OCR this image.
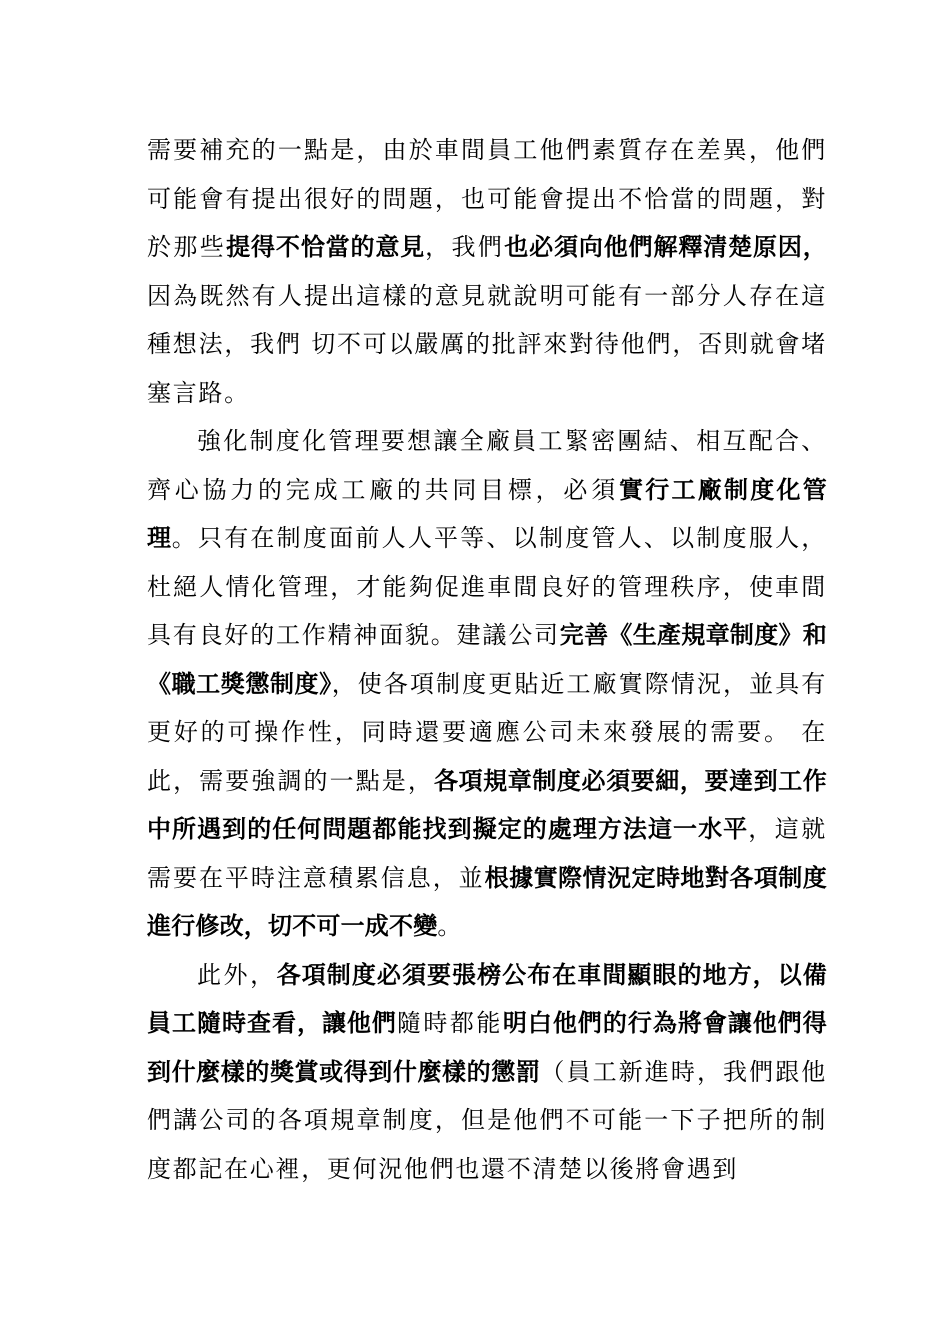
需要補充的一點是，由於車間員工他們素質存在差異，他們可能會有提出很好的問題，也可能會提出不恰當的問題，對於那些提得不恰當的意見，我們也必須向他們解釋清楚原因，因為既然有人提出這樣的意見就說明可能有一部分人存在這種想法，我們 切不可以嚴厲的批評來對待他們，否則就會堵塞言路。

強化制度化管理要想讓全廠員工緊密團結、相互配合、齊心協力的完成工廠的共同目標，必須實行工廠制度化管理。只有在制度面前人人平等、以制度管人、以制度服人，杜絕人情化管理，才能夠促進車間良好的管理秩序，使車間具有良好的工作精神面貌。建議公司完善《生產規章制度》和《職工獎懲制度》，使各項制度更貼近工廠實際情況，並具有更好的可操作性，同時還要適應公司未來發展的需要。 在此，需要強調的一點是，各項規章制度必須要細，要達到工作中所遇到的任何問題都能找到擬定的處理方法這一水平，這就需要在平時注意積累信息，並根據實際情況定時地對各項制度進行修改，切不可一成不變。

此外，各項制度必須要張榜公布在車間顯眼的地方，以備員工隨時查看，讓他們隨時都能明白他們的行為將會讓他們得到什麼樣的獎賞或得到什麼樣的懲罰（員工新進時，我們跟他們講公司的各項規章制度，但是他們不可能一下子把所的制度都記在心裡，更何況他們也還不清楚以後將會遇到
